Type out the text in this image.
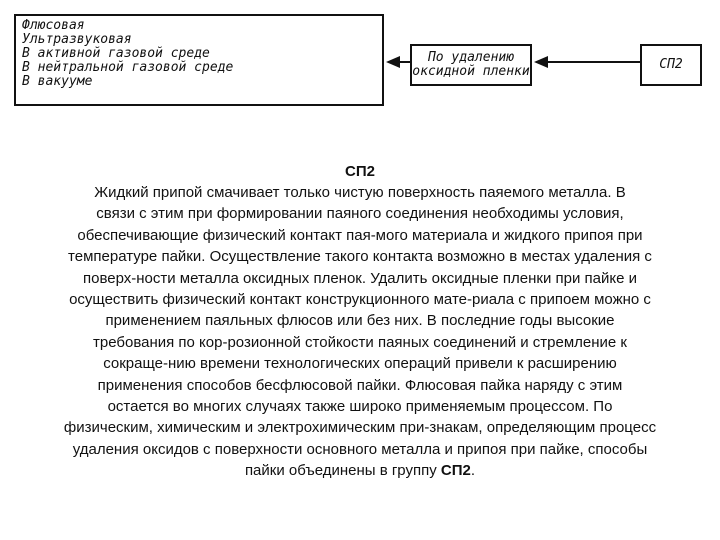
Флюсовая
Ультразвуковая
В активной газовой среде
В нейтральной газовой среде
В вакууме
По удалению
оксидной пленки	СП2

СП2

Жидкий припой смачивает только чистую поверхность паяемого металла. В
связи с этим при формировании паяного соединения необходимы условия,
обеспечивающие физический контакт пая-мого материала и жидкого припоя при
температуре пайки. Осуществление такого контакта возможно в местах удаления с
поверх-ности металла оксидных пленок. Удалить оксидные пленки при пайке и
осуществить физический контакт конструкционного мате-риала с припоем можно с
применением паяльных флюсов или без них. В последние годы высокие
требования по кор-розионной стойкости паяных соединений и стремление к
сокраще-нию времени технологических операций привели к расширению
применения способов бесфлюсовой пайки. Флюсовая пайка наряду с этим
остается во многих случаях также широко применяемым процессом. По
физическим, химическим и электрохимическим при-знакам, определяющим процесс
удаления оксидов с поверхности основного металла и припоя при пайке, способы
пайки объединены в группу СП2.
